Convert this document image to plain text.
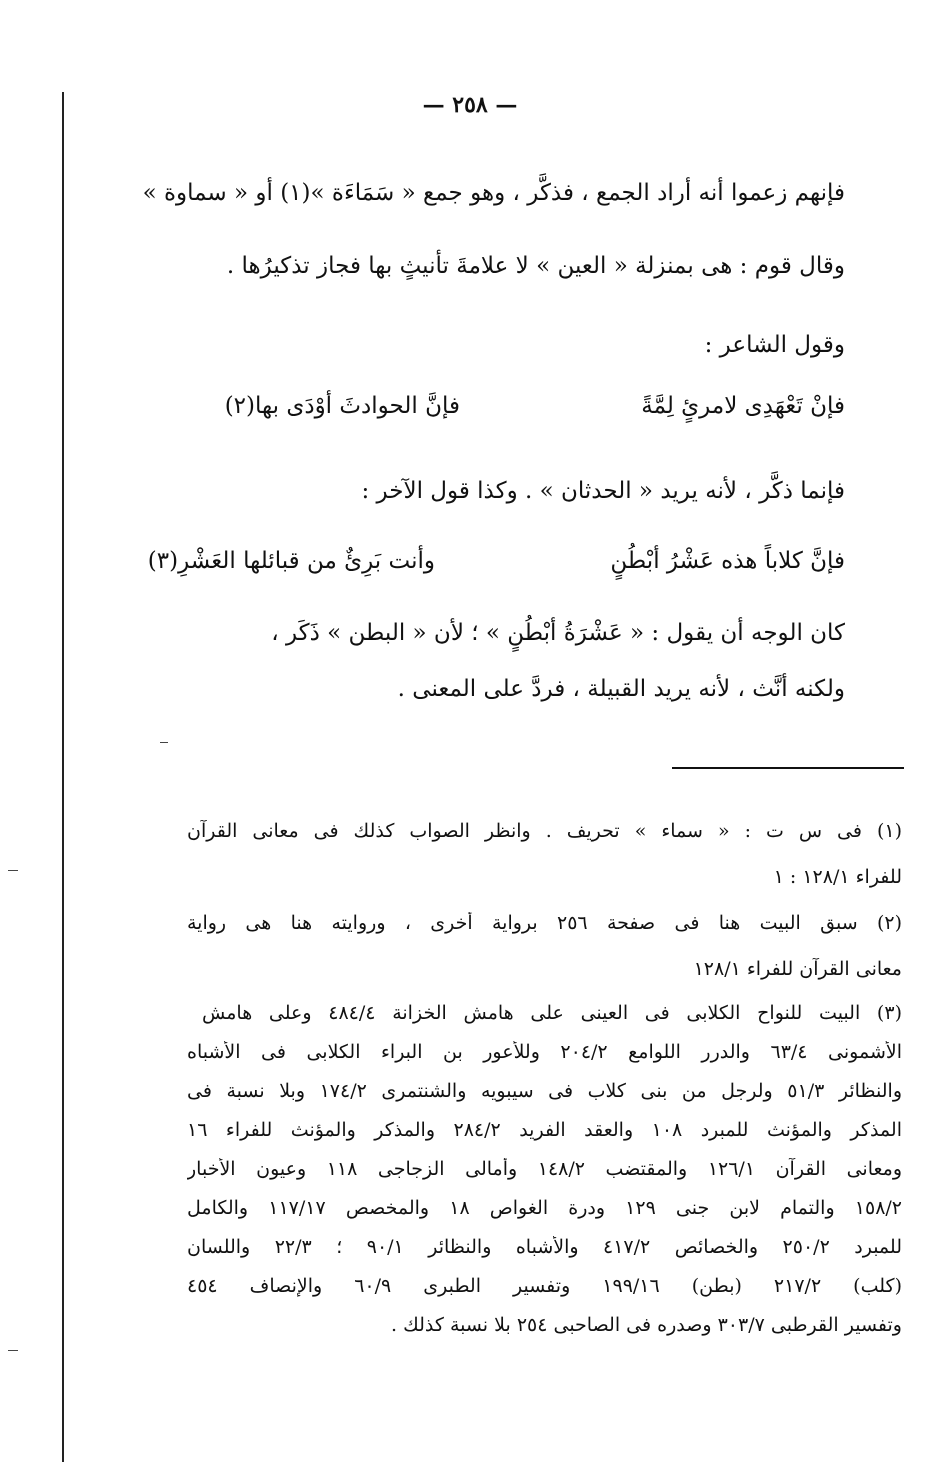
— ٢٥٨ —
فإنهم زعموا أنه أراد الجمع ، فذكَّر ، وهو جمع « سَمَاءَة »(١) أو « سماوة »
وقال قوم : هى بمنزلة « العين » لا علامةَ تأنيثٍ بها فجاز تذكيرُها .
وقول الشاعر :
فإنْ تَعْهَدِى لامرئٍ لِمَّةً
فإنَّ الحوادثَ أوْدَى بها(٢)
فإنما ذكَّر ، لأنه يريد « الحدثان » . وكذا قول الآخر :
فإنَّ كلاباً هذه عَشْرُ أبْطُنٍ
وأنت بَرِئٌ من قبائلها العَشْرِ(٣)
كان الوجه أن يقول : « عَشْرَةُ أبْطُنٍ » ؛ لأن « البطن » ذَكَر ،
ولكنه أنَّث ، لأنه يريد القبيلة ، فردَّ على المعنى .
(١) فى س ت : « سماء » تحريف . وانظر الصواب كذلك فى معانى القرآن
للفراء ١٢٨/١ : ١
(٢) سبق البيت هنا فى صفحة ٢٥٦ برواية أخرى ، وروايته هنا هى رواية
معانى القرآن للفراء ١٢٨/١
(٣) البيت للنواح الكلابى فى العينى على هامش الخزانة ٤٨٤/٤ وعلى هامش
الأشمونى ٦٣/٤ والدرر اللوامع ٢٠٤/٢ وللأعور بن البراء الكلابى فى الأشباه
والنظائر ٥١/٣ ولرجل من بنى كلاب فى سيبويه والشنتمرى ١٧٤/٢ وبلا نسبة فى
المذكر والمؤنث للمبرد ١٠٨ والعقد الفريد ٢٨٤/٢ والمذكر والمؤنث للفراء ١٦
ومعانى القرآن ١٢٦/١ والمقتضب ١٤٨/٢ وأمالى الزجاجى ١١٨ وعيون الأخبار
١٥٨/٢ والتمام لابن جنى ١٢٩ ودرة الغواص ١٨ والمخصص ١١٧/١٧ والكامل
للمبرد ٢٥٠/٢ والخصائص ٤١٧/٢ والأشباه والنظائر ٩٠/١ ؛ ٢٢/٣ واللسان
(كلب) ٢١٧/٢ (بطن) ١٩٩/١٦ وتفسير الطبرى ٦٠/٩ والإنصاف ٤٥٤
وتفسير القرطبى ٣٠٣/٧ وصدره فى الصاحبى ٢٥٤ بلا نسبة كذلك .
